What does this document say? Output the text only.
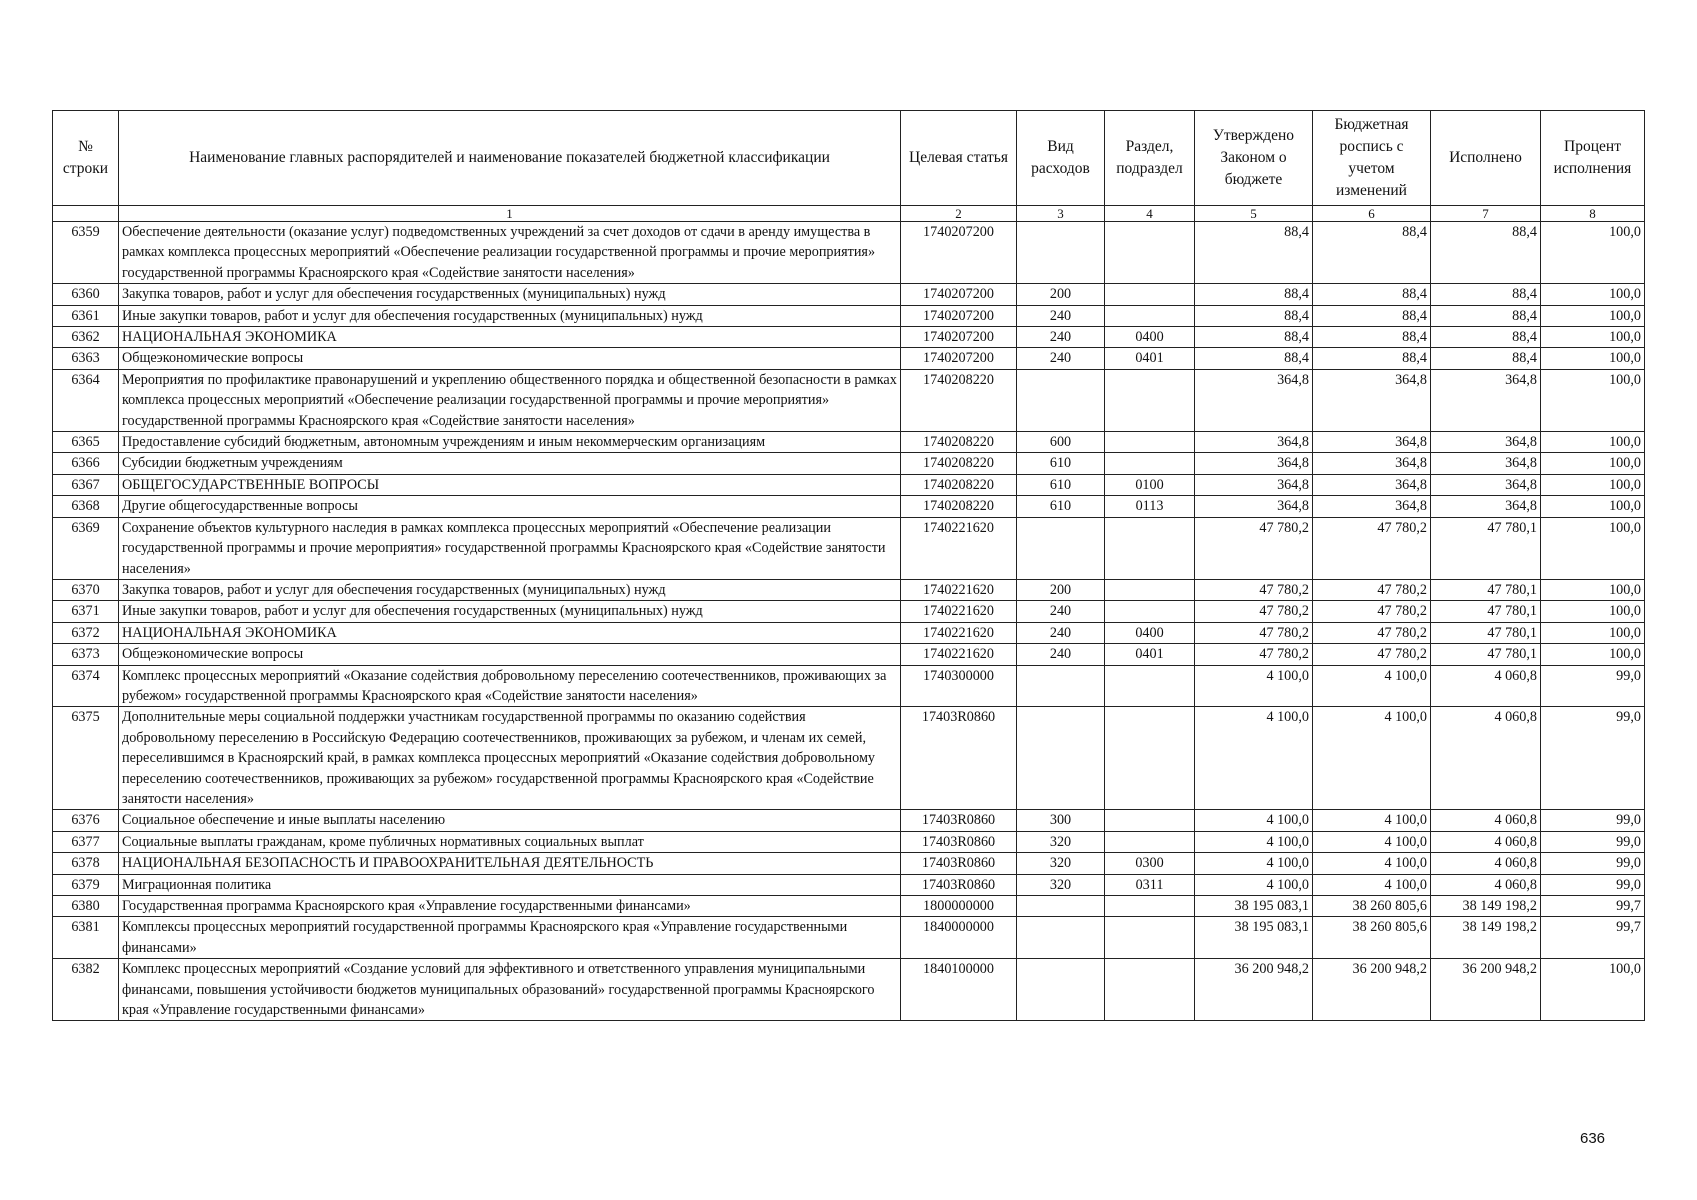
№ строки	Наименование главных распорядителей и наименование показателей бюджетной классификации	Целевая статья	Вид расходов	Раздел, подраздел	Утверждено Законом о бюджете	Бюджетная роспись с учетом изменений	Исполнено	Процент исполнения
	1	2	3	4	5	6	7	8
6359	Обеспечение деятельности (оказание услуг) подведомственных учреждений за счет доходов от сдачи в аренду имущества в рамках комплекса процессных мероприятий «Обеспечение реализации государственной программы и прочие мероприятия» государственной программы Красноярского края «Содействие занятости населения»	1740207200			88,4	88,4	88,4	100,0
6360	Закупка товаров, работ и услуг для обеспечения государственных (муниципальных) нужд	1740207200	200		88,4	88,4	88,4	100,0
6361	Иные закупки товаров, работ и услуг для обеспечения государственных (муниципальных) нужд	1740207200	240		88,4	88,4	88,4	100,0
6362	НАЦИОНАЛЬНАЯ ЭКОНОМИКА	1740207200	240	0400	88,4	88,4	88,4	100,0
6363	Общеэкономические вопросы	1740207200	240	0401	88,4	88,4	88,4	100,0
6364	Мероприятия по профилактике правонарушений и укреплению общественного порядка и общественной безопасности в рамках комплекса процессных мероприятий «Обеспечение реализации государственной программы и прочие мероприятия» государственной программы Красноярского края «Содействие занятости населения»	1740208220			364,8	364,8	364,8	100,0
6365	Предоставление субсидий бюджетным, автономным учреждениям и иным некоммерческим организациям	1740208220	600		364,8	364,8	364,8	100,0
6366	Субсидии бюджетным учреждениям	1740208220	610		364,8	364,8	364,8	100,0
6367	ОБЩЕГОСУДАРСТВЕННЫЕ ВОПРОСЫ	1740208220	610	0100	364,8	364,8	364,8	100,0
6368	Другие общегосударственные вопросы	1740208220	610	0113	364,8	364,8	364,8	100,0
6369	Сохранение объектов культурного наследия в рамках комплекса процессных мероприятий «Обеспечение реализации государственной программы и прочие мероприятия» государственной программы Красноярского края «Содействие занятости населения»	1740221620			47 780,2	47 780,2	47 780,1	100,0
6370	Закупка товаров, работ и услуг для обеспечения государственных (муниципальных) нужд	1740221620	200		47 780,2	47 780,2	47 780,1	100,0
6371	Иные закупки товаров, работ и услуг для обеспечения государственных (муниципальных) нужд	1740221620	240		47 780,2	47 780,2	47 780,1	100,0
6372	НАЦИОНАЛЬНАЯ ЭКОНОМИКА	1740221620	240	0400	47 780,2	47 780,2	47 780,1	100,0
6373	Общеэкономические вопросы	1740221620	240	0401	47 780,2	47 780,2	47 780,1	100,0
6374	Комплекс процессных мероприятий «Оказание содействия добровольному переселению соотечественников, проживающих за рубежом» государственной программы Красноярского края «Содействие занятости населения»	1740300000			4 100,0	4 100,0	4 060,8	99,0
6375	Дополнительные меры социальной поддержки участникам государственной программы по оказанию содействия добровольному переселению в Российскую Федерацию соотечественников, проживающих за рубежом, и членам их семей, переселившимся в Красноярский край, в рамках комплекса процессных мероприятий «Оказание содействия добровольному переселению соотечественников, проживающих за рубежом» государственной программы Красноярского края «Содействие занятости населения»	17403R0860			4 100,0	4 100,0	4 060,8	99,0
6376	Социальное обеспечение и иные выплаты населению	17403R0860	300		4 100,0	4 100,0	4 060,8	99,0
6377	Социальные выплаты гражданам, кроме публичных нормативных социальных выплат	17403R0860	320		4 100,0	4 100,0	4 060,8	99,0
6378	НАЦИОНАЛЬНАЯ БЕЗОПАСНОСТЬ И ПРАВООХРАНИТЕЛЬНАЯ ДЕЯТЕЛЬНОСТЬ	17403R0860	320	0300	4 100,0	4 100,0	4 060,8	99,0
6379	Миграционная политика	17403R0860	320	0311	4 100,0	4 100,0	4 060,8	99,0
6380	Государственная программа Красноярского края «Управление государственными финансами»	1800000000			38 195 083,1	38 260 805,6	38 149 198,2	99,7
6381	Комплексы процессных мероприятий государственной программы Красноярского края «Управление государственными финансами»	1840000000			38 195 083,1	38 260 805,6	38 149 198,2	99,7
6382	Комплекс процессных мероприятий «Создание условий для эффективного и ответственного управления муниципальными финансами, повышения устойчивости бюджетов муниципальных образований» государственной программы Красноярского края «Управление государственными финансами»	1840100000			36 200 948,2	36 200 948,2	36 200 948,2	100,0
636
